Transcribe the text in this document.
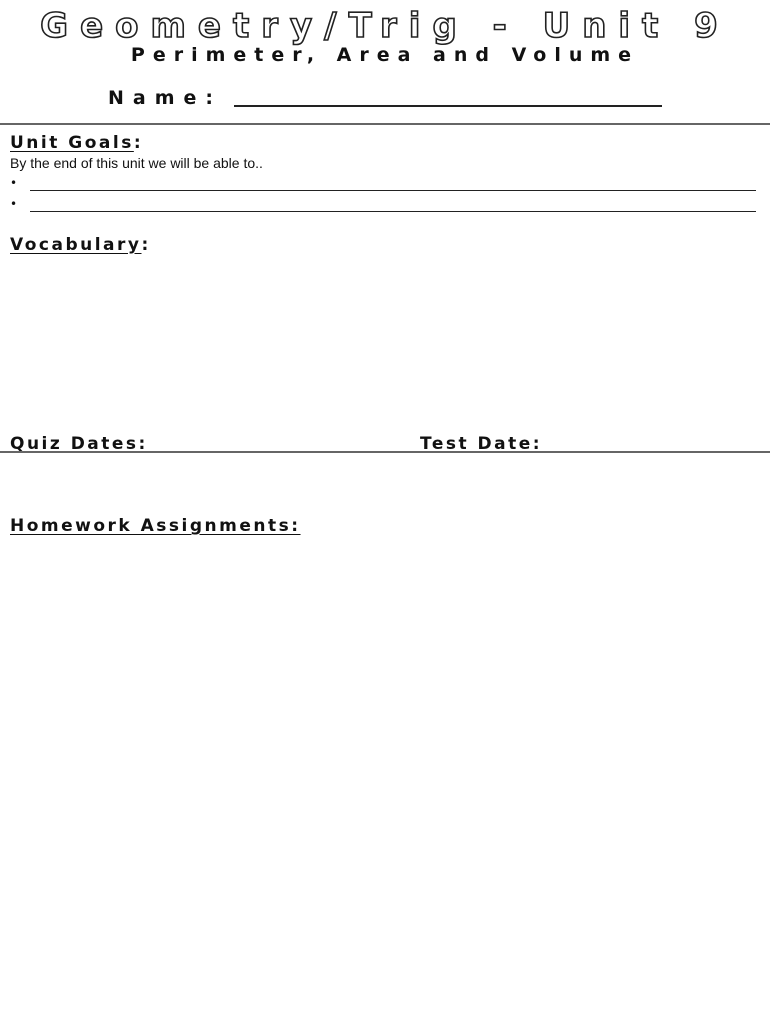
Geometry/Trig - Unit 9
Perimeter, Area and Volume
Name:
Unit Goals:
By the end of this unit we will be able to..
•
•
Vocabulary:
Quiz Dates:	Test Date:
Homework Assignments:
